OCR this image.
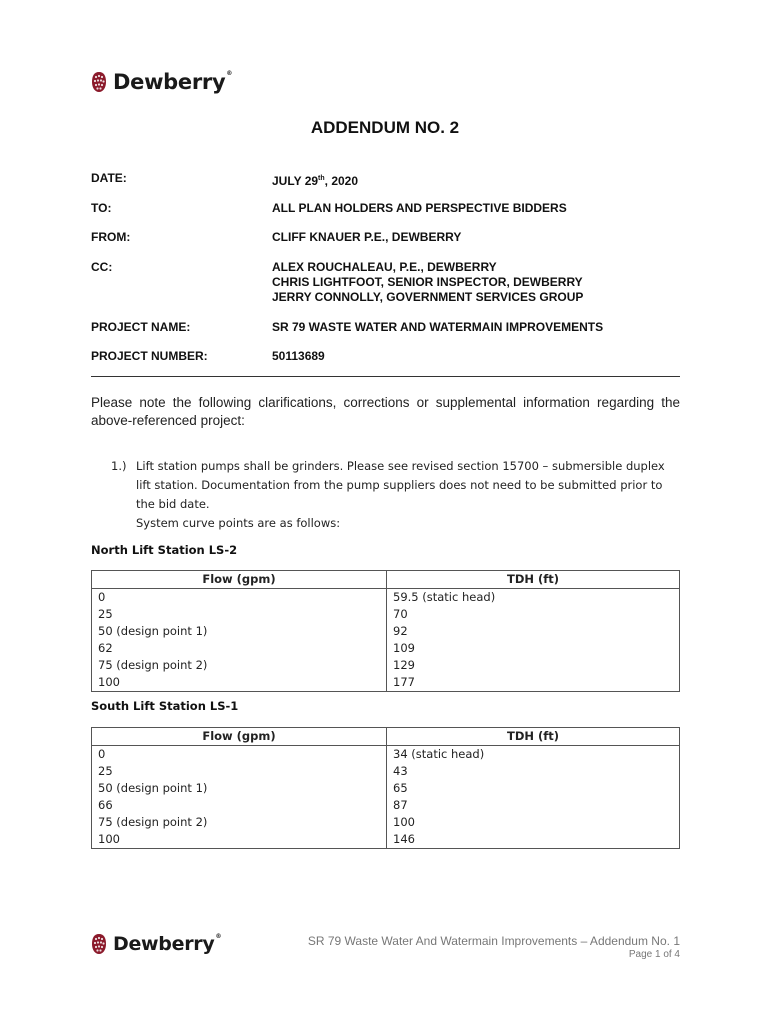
Dewberry®
ADDENDUM NO. 2
DATE:	JULY 29th, 2020
TO:	ALL PLAN HOLDERS AND PERSPECTIVE BIDDERS
FROM:	CLIFF KNAUER P.E., DEWBERRY
CC:	ALEX ROUCHALEAU, P.E., DEWBERRY
CHRIS LIGHTFOOT, SENIOR INSPECTOR, DEWBERRY
JERRY CONNOLLY, GOVERNMENT SERVICES GROUP
PROJECT NAME:	SR 79 WASTE WATER AND WATERMAIN IMPROVEMENTS
PROJECT NUMBER:	50113689
Please note the following clarifications, corrections or supplemental information regarding the above-referenced project:
1.) Lift station pumps shall be grinders. Please see revised section 15700 – submersible duplex lift station. Documentation from the pump suppliers does not need to be submitted prior to the bid date.
System curve points are as follows:
North Lift Station LS-2
Flow (gpm)	TDH (ft)
0	59.5 (static head)
25	70
50 (design point 1)	92
62	109
75 (design point 2)	129
100	177
South Lift Station LS-1
Flow (gpm)	TDH (ft)
0	34 (static head)
25	43
50 (design point 1)	65
66	87
75 (design point 2)	100
100	146
Dewberry®	SR 79 Waste Water And Watermain Improvements – Addendum No. 1
Page 1 of 4
